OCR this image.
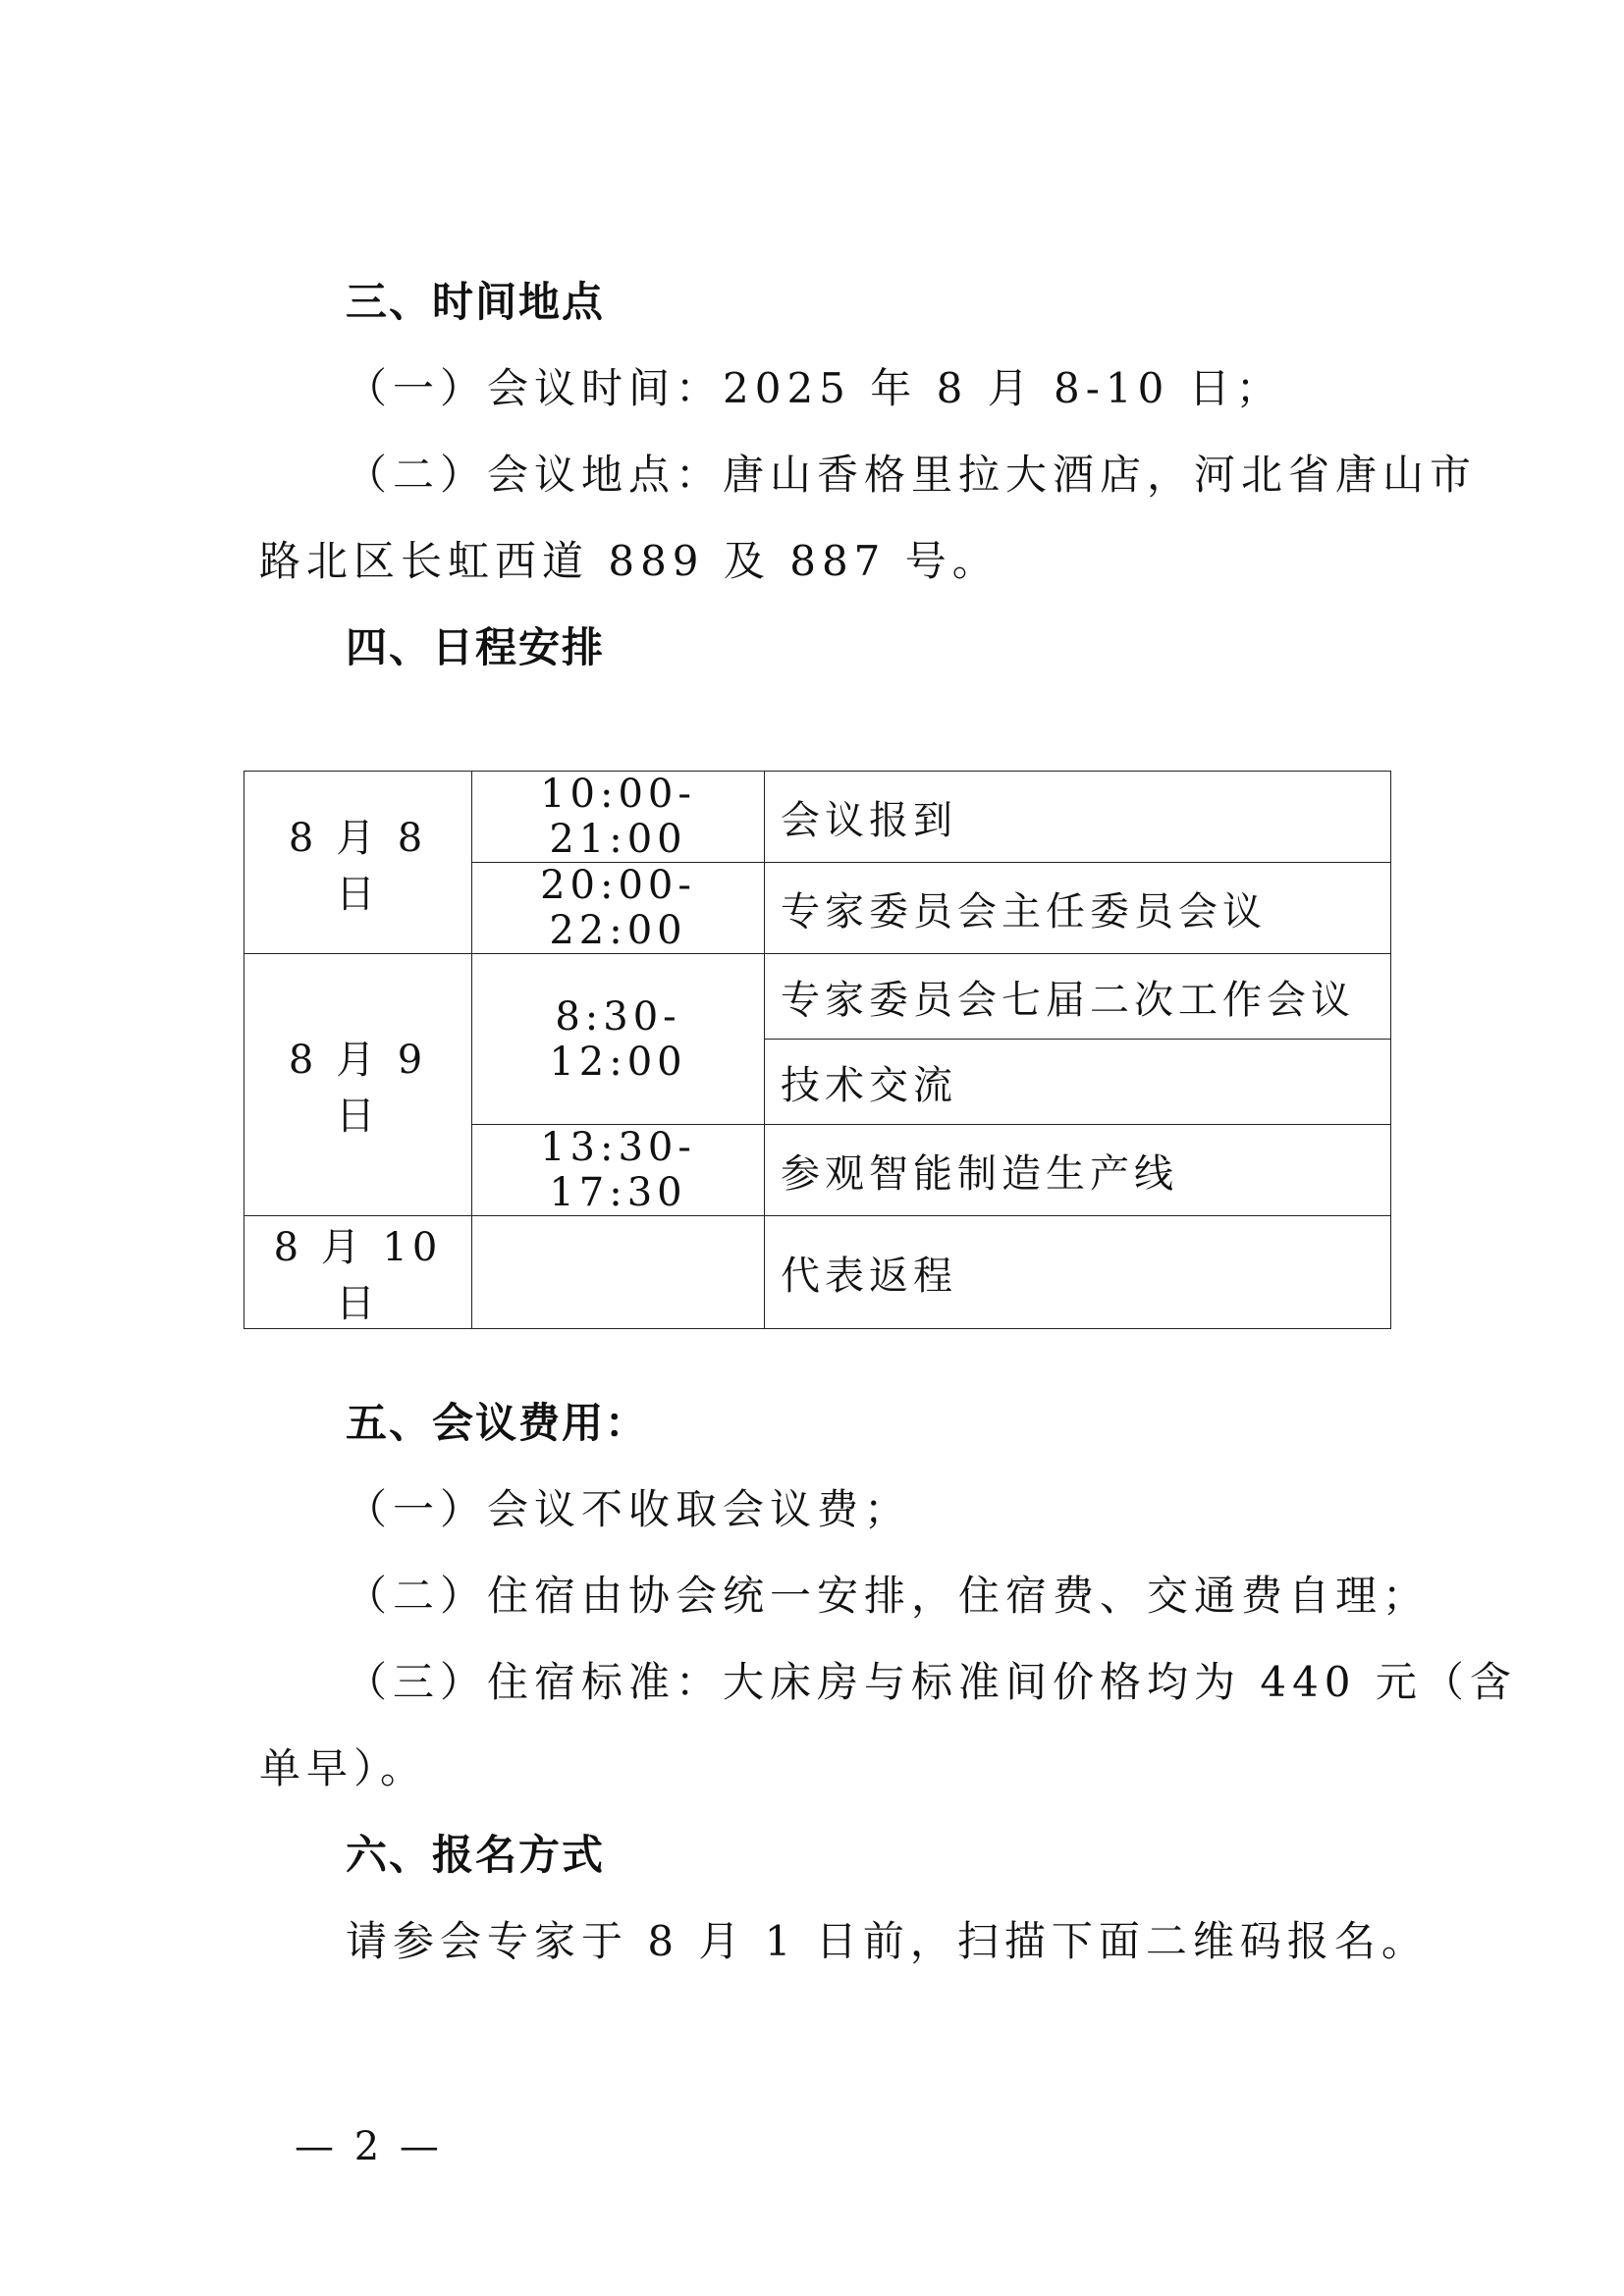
三、时间地点
（一）会议时间：2025 年 8 月 8-10 日；
（二）会议地点：唐山香格里拉大酒店，河北省唐山市
路北区长虹西道 889 及 887 号。
四、日程安排
8 月 8 日	10:00-21:00	会议报到
	20:00-22:00	专家委员会主任委员会议
8 月 9 日	8:30-12:00	专家委员会七届二次工作会议
		技术交流
	13:30-17:30	参观智能制造生产线
8 月 10 日		代表返程
五、会议费用：
（一）会议不收取会议费；
（二）住宿由协会统一安排，住宿费、交通费自理；
（三）住宿标准：大床房与标准间价格均为 440 元（含
单早）。
六、报名方式
请参会专家于 8 月 1 日前，扫描下面二维码报名。
— 2 —
